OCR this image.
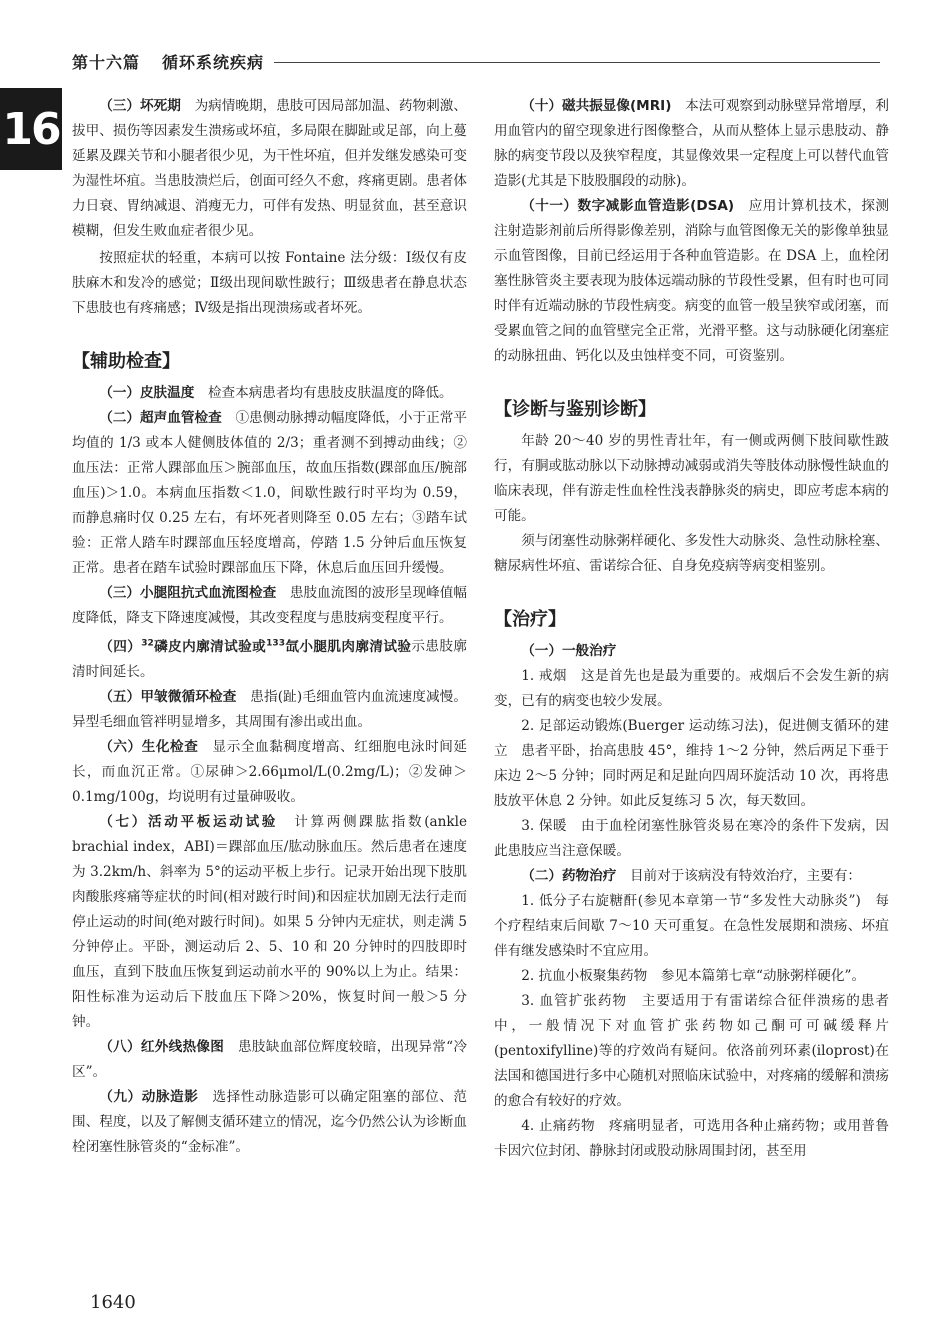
第十六篇 循环系统疾病
16	（三）坏死期　 为病情晚期，患肢可因局部加温、药物刺激、拔甲、损伤等因素发生溃疡或坏疽，多局限在脚趾或足部，向上蔓延累及踝关节和小腿者很少见，为干性坏疽，但并发继发感染可变为湿性坏疽。当患肢溃烂后，创面可经久不愈，疼痛更剧。患者体力日衰、胃纳减退、消瘦无力，可伴有发热、明显贫血，甚至意识模糊，但发生败血症者很少见。

按照症状的轻重，本病可以按 Fontaine 法分级：Ⅰ级仅有皮肤麻木和发冷的感觉；Ⅱ级出现间歇性跛行；Ⅲ级患者在静息状态下患肢也有疼痛感；Ⅳ级是指出现溃疡或者坏死。

【辅助检查】

（一）皮肤温度　 检查本病患者均有患肢皮肤温度的降低。

（二）超声血管检查　 ①患侧动脉搏动幅度降低，小于正常平均值的 1/3 或本人健侧肢体值的 2/3；重者测不到搏动曲线；②血压法：正常人踝部血压＞腕部血压，故血压指数(踝部血压/腕部血压)＞1.0。本病血压指数＜1.0，间歇性跛行时平均为 0.59，而静息痛时仅 0.25 左右，有坏死者则降至 0.05 左右；③踏车试验：正常人踏车时踝部血压轻度增高，停踏 1.5 分钟后血压恢复正常。患者在踏车试验时踝部血压下降，休息后血压回升缓慢。

（三）小腿阻抗式血流图检查　 患肢血流图的波形呈现峰值幅度降低，降支下降速度减慢，其改变程度与患肢病变程度平行。

（四）$^{32}$磷皮内廓清试验或$^{133}$氙小腿肌肉廓清试验示患肢廓清时间延长。

（五）甲皱微循环检查　 患指(趾)毛细血管内血流速度减慢。异型毛细血管袢明显增多，其周围有渗出或出血。

（六）生化检查　 显示全血黏稠度增高、红细胞电泳时间延长，而血沉正常。①尿砷＞2.66μmol/L(0.2mg/L)；②发砷＞0.1mg/100g，均说明有过量砷吸收。

（七）活动平板运动试验　 计算两侧踝肱指数(ankle brachial index，ABI)＝踝部血压/肱动脉血压。然后患者在速度为 3.2km/h、斜率为 5°的运动平板上步行。记录开始出现下肢肌肉酸胀疼痛等症状的时间(相对跛行时间)和因症状加剧无法行走而停止运动的时间(绝对跛行时间)。如果 5 分钟内无症状，则走满 5 分钟停止。平卧，测运动后 2、5、10 和 20 分钟时的四肢即时血压，直到下肢血压恢复到运动前水平的 90%以上为止。结果：阳性标准为运动后下肢血压下降＞20%，恢复时间一般＞5 分钟。

（八）红外线热像图　 患肢缺血部位辉度较暗，出现异常“冷区”。

（九）动脉造影　 选择性动脉造影可以确定阻塞的部位、范围、程度，以及了解侧支循环建立的情况，迄今仍然公认为诊断血栓闭塞性脉管炎的“金标准”。

（十）磁共振显像(MRI)　 本法可观察到动脉壁异常增厚，利用血管内的留空现象进行图像整合，从而从整体上显示患肢动、静脉的病变节段以及狭窄程度，其显像效果一定程度上可以替代血管造影(尤其是下肢股腘段的动脉)。

（十一）数字减影血管造影(DSA)　 应用计算机技术，探测注射造影剂前后所得影像差别，消除与血管图像无关的影像单独显示血管图像，目前已经运用于各种血管造影。在 DSA 上，血栓闭塞性脉管炎主要表现为肢体远端动脉的节段性受累，但有时也可同时伴有近端动脉的节段性病变。病变的血管一般呈狭窄或闭塞，而受累血管之间的血管壁完全正常，光滑平整。这与动脉硬化闭塞症的动脉扭曲、钙化以及虫蚀样变不同，可资鉴别。

【诊断与鉴别诊断】

年龄 20～40 岁的男性青壮年，有一侧或两侧下肢间歇性跛行，有胴或肱动脉以下动脉搏动减弱或消失等肢体动脉慢性缺血的临床表现，伴有游走性血栓性浅表静脉炎的病史，即应考虑本病的可能。

须与闭塞性动脉粥样硬化、多发性大动脉炎、急性动脉栓塞、糖尿病性坏疽、雷诺综合征、自身免疫病等病变相鉴别。

【治疗】

（一）一般治疗

1. 戒烟　 这是首先也是最为重要的。戒烟后不会发生新的病变，已有的病变也较少发展。

2. 足部运动锻炼(Buerger 运动练习法)，促进侧支循环的建立　 患者平卧，抬高患肢 45°，维持 1～2 分钟，然后两足下垂于床边 2～5 分钟；同时两足和足趾向四周环旋活动 10 次，再将患肢放平休息 2 分钟。如此反复练习 5 次，每天数回。

3. 保暖　 由于血栓闭塞性脉管炎易在寒冷的条件下发病，因此患肢应当注意保暖。

（二）药物治疗　 目前对于该病没有特效治疗，主要有：

1. 低分子右旋糖酐(参见本章第一节“多发性大动脉炎”)　 每个疗程结束后间歇 7～10 天可重复。在急性发展期和溃疡、坏疽伴有继发感染时不宜应用。

2. 抗血小板聚集药物　 参见本篇第七章“动脉粥样硬化”。

3. 血管扩张药物　 主要适用于有雷诺综合征伴溃疡的患者中，一般情况下对血管扩张药物如己酮可可碱缓释片(pentoxifylline)等的疗效尚有疑问。依洛前列环素(iloprost)在法国和德国进行多中心随机对照临床试验中，对疼痛的缓解和溃疡的愈合有较好的疗效。

4. 止痛药物　 疼痛明显者，可选用各种止痛药物；或用普鲁卡因穴位封闭、静脉封闭或股动脉周围封闭，甚至用

1640
